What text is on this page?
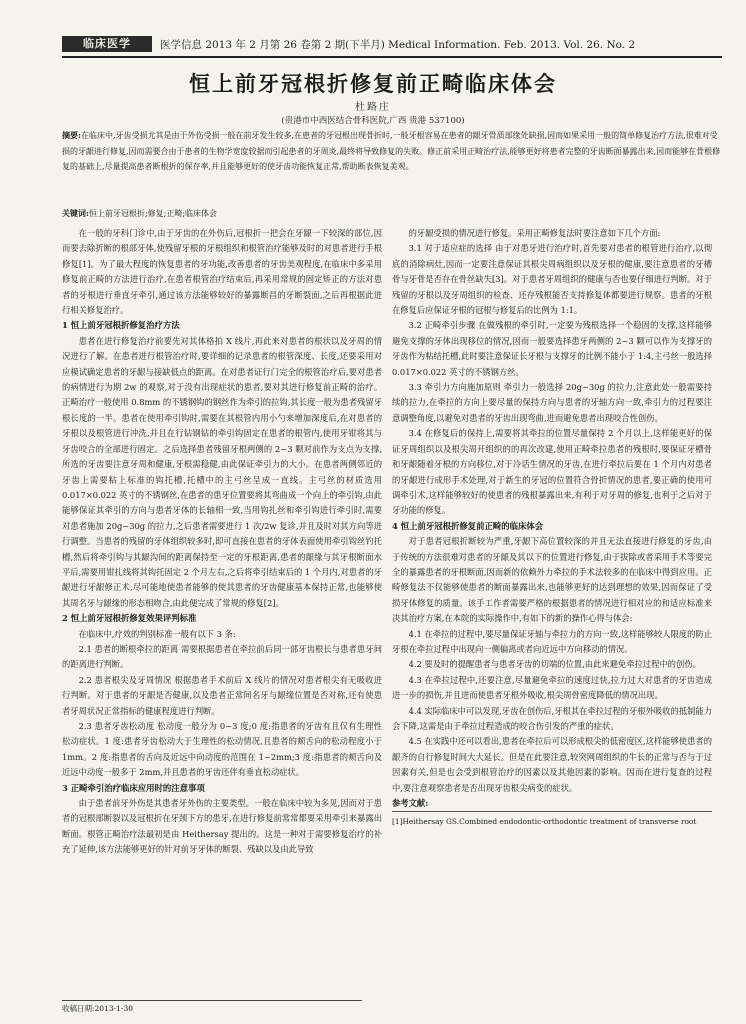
临床医学	医学信息 2013 年 2 月第 26 卷第 2 期(下半月) Medical Information. Feb. 2013. Vol. 26. No. 2
恒上前牙冠根折修复前正畸临床体会
杜路庄
(贵港市中西医结合骨科医院,广西 贵港 537100)
摘要:在临床中,牙齿受损尤其是由于外伤受损一般在前牙发生较多,在患者的牙冠根出现骨折时,一般牙根容易在患者的龈牙骨质部缘处缺损,因而如果采用一般的简单修复治疗方法,很难对受损的牙龈进行修复,因而需要合由于患者的生物学宽度较据而引起患者的牙周炎,最终将导致修复的失败。修正前采用正畸治疗法,能够更好将患者完整的牙齿断面暴露出来,因而能够在骨根修复的基础上,尽量提高患者断根折的保存率,并且能够更好的使牙齿功能恢复正常,帮助断表恢复美观。
关键词:恒上前牙冠根折;修复;正畸;临床体会

在一般的牙科门诊中,由于牙齿的在外伤后,冠根折一把会在牙龈一下较深的部位,因而要去除折断的根部牙体,使残留牙根的牙根组织和根管治疗能够及时的对患者进行手根修复[1]。为了最大程度的恢复患者的牙功能,改善患者的牙齿美观程度,在临床中多采用修复前正畸的方法进行治疗,在患者根管治疗结束后,再采用常规的固定矫正的方法对患者的牙根进行垂直牙牵引,通过该方法能够较好的暴露断昌的牙断裂面,之后再根据此进行相关修复治疗。

1 恒上前牙冠根折修复治疗方法

患者在进行修复治疗前要先对其体格拍 X 线片,再此来对患者的根状以及牙周的情况进行了解。在患者进行根管治疗时,要详细的记录患者的根管深度、长度,还要采用对应模试确定患者的牙龈与接缺低点的距离。在对患者证行门完全的根管治疗后,要对患者的病情进行为期 2w 的观察,对于没有出现症状的患者,要对其进行修复前正畸的治疗。正畸治疗一般使用 0.8mm 的不锈钢钩的钢丝作为牵引的拉钩,其长度一般为患者残留牙根长度的一半。患者在使用牵引钩时,需要在其根管内用小勺来增加深度后,在对患者的牙根以及根管进行冲洗,并且在行钻钢钻的牵引钩固定在患者的根管内,使用牙钳将其与牙齿咬合的全部进行固定。之后选择患者残留牙根两侧的 2~3 颗对前作为支点为支撑,所选的牙齿要注意牙周和健康,牙根需稳健,由此保证牵引力的大小。在患者两侧邻近的牙齿上需要粘上标准的钩托槽,托槽中的主弓丝呈成一直线。主弓丝的材质选用 0.017×0.022 英寸的不锈钢丝,在患者的患牙位置要将其弯曲成一个向上的牵引钩,由此能够保证其牵引的方向与患者牙体的长轴相一致,当用钩扎丝和牵引钩进行牵引时,需要对患者施加 20g~30g 的拉力,之后患者需要进行 1 次/2w 复诊,并且及时对其方向等进行调整。当患者的残留的牙体组织较多时,即可直接在患者的牙体表面使用牵引钩丝钓托槽,然后将牵引钩与其龈沟间的距离保持至一定的牙根距离,患者的龈缘与其牙根断面水平后,需要用钳扎线将其钩托固定 2 个月左右,之后将牵引结束后的 1 个月内,对患者的牙龈进行牙龈修正术,尽可能地使患者能够的使其患者的牙齿健康基本保持正常,也能够使其周名牙与龈缘的形态相吻合,由此便完成了常规的修复[2]。

2 恒上前牙冠根折修复效果评判标准

在临床中,疗效的判别标准一般有以下 3 条:

2.1 患者的断根牵拉的距离 需要根据患者在牵拉前后同一部牙齿根长与患者患牙间的距离进行判断。

2.2 患者根尖及牙周情况 根据患者手术前后 X 线片的情况对患者根尖有无吸收进行判断。对于患者的牙龈是否健康,以及患者正常间名牙与龈缘位置是否对称,还有使患者牙周状况正常指标的健康程度进行判断。

2.3 患者牙齿松动度 松动度一般分为 0~3 度;0 度:指患者的牙齿有且仅有生理性松动症状。1 度:患者牙齿松动大于生理性的松动情况,且患者的颊舌向的松动程度小于 1mm。2 度:指患者的舌向及近远中向动度的范围在 1~2mm;3 度:指患者的颊舌向及近远中动度一般多于 2mm,并且患者的牙齿还伴有垂直松动症状。

3 正畸牵引治疗临床应用时的注意事项

由于患者前牙外伤是其患者牙外伤的主要类型。一般在临床中较为多见,因而对于患者的冠根部断裂以及冠根折在牙颈下方的患牙,在进行修复前常常都要采用牵引来暴露出断面。根管正畸治疗法最初是由 Heithersay 提出的。这是一种对于需要修复治疗的补充了延伸,该方法能够更好的针对前牙牙体的断裂、残缺以及由此导致

的牙龈受损的情况进行修复。采用正畸修复法时要注意如下几个方面:

3.1 对于适应症的选择 由于对患牙进行治疗时,首先要对患者的根管进行治疗,以彻底的消除病灶,因而一定要注意保证其根尖周病组织以及牙根的健康,要注意患者的牙槽骨与牙骨是否存在骨丝缺失[3]。对于患者牙周组织的健康与否也要仔细进行判断。对于残留的牙根以及牙周组织的检查、还存残根能否支持修复体都要进行规察。患者的牙根在修复后应保证牙根的冠根与修复后的比例为 1:1。

3.2 正畸牵引步骤 在做残根的牵引时,一定要为残根选择一个稳固的支撑,这样能够避免支撑的牙体出现移位的情况,因而一般要选择患牙两侧的 2~3 颗可以作为支撑牙的牙齿作为粘结托槽,此时要注意保证长牙根与支撑牙的比例不能小于 1:4,主弓丝一般选择 0.017×0.022 英寸的不锈钢方丝。

3.3 牵引力方向施加原则 牵引力一般选择 20g~30g 的拉力,注意此处一般需要持续的拉力,在牵拉的方向上要尽量的保持方向与患者的牙轴方向一致,牵引力的过程要注意调整角度,以避免对患者的牙齿出现弯曲,进而避免患者出现咬合性创伤。

3.4 在修复后的保持上,需要将其牵拉的位置尽量保持 2 个月以上,这样能更好的保证牙周组织以及根尖周开组织的的再次改建,使用正畸牵拉患者的残根时,要保证牙槽骨和牙龈随着牙根的方向移位,对于冷话生情况的牙齿,在进行牵拉后要在 1 个月内对患者的牙龈进行成形手术处理,对于新生的牙冠的位置符合骨折情况的患者,要正确的使用可调牵引术,这样能够较好的使患者的残根暴露出来,有利于对牙周的修复,也利于之后对于牙功能的修复。

4 恒上前牙冠根折修复前正畸的临床体会

对于患者冠根折断较为严重,牙龈下高位置较深的并且无法直接进行修复的牙齿,由于传统的方法很难对患者的牙龈及其以下的位置进行修复,由于拔除或者采用手术等要完全的暴露患者的牙根断面,因而新的依赖外力牵拉的手术法较多的在临床中得到应用。正畸修复法不仅能够使患者的断面暴露出来,也能够更好的达到理想的效果,因而保证了受损牙体修复的质量。该手工作者需要严格的根据患者的情况进行相对应的和适应标准来决其治疗方案,在本院的实际操作中,有如下的新的操作心得与体会:

4.1 在牵拉的过程中,要尽量保证牙轴与牵拉力的方向一致,这样能够较人限度的防止牙根在牵拉过程中出现向一侧偏离或者向近远中方向移动的情况。

4.2 要及时的提醒患者与患者牙齿的切端的位置,由此来避免牵拉过程中的创伤。

4.3 在牵拉过程中,还要注意,尽量避免牵拉的速度过快,拉力过大对患者的牙齿造成进一步的损伤,并且进而使患者牙根外吸收,根尖周骨密度降低的情况出现。

4.4 实际临床中可以发现,牙齿在创伤后,牙根其在牵拉过程的牙根外吸收的抵制能力会下降,这需是由于牵拉过程造成的咬合伤引发的严重的症状。

4.5 在实践中还可以看出,患者在牵拉后可以形成根尖的低密度区,这样能够使患者的龈齐的自行修复时间大大延长。但是在此要注意,较突网周组织的牛长的正常与否与于过因素有关,但是也会受到根管治疗的因素以及其他因素的影响。因而在进行复查的过程中,要注意观察患者是否出现牙齿根尖病变的症状。

参考文献:

[1]Heithersay GS.Combined endodontic-orthodontic treatment of transverse root

收稿日期:2013-1-30
